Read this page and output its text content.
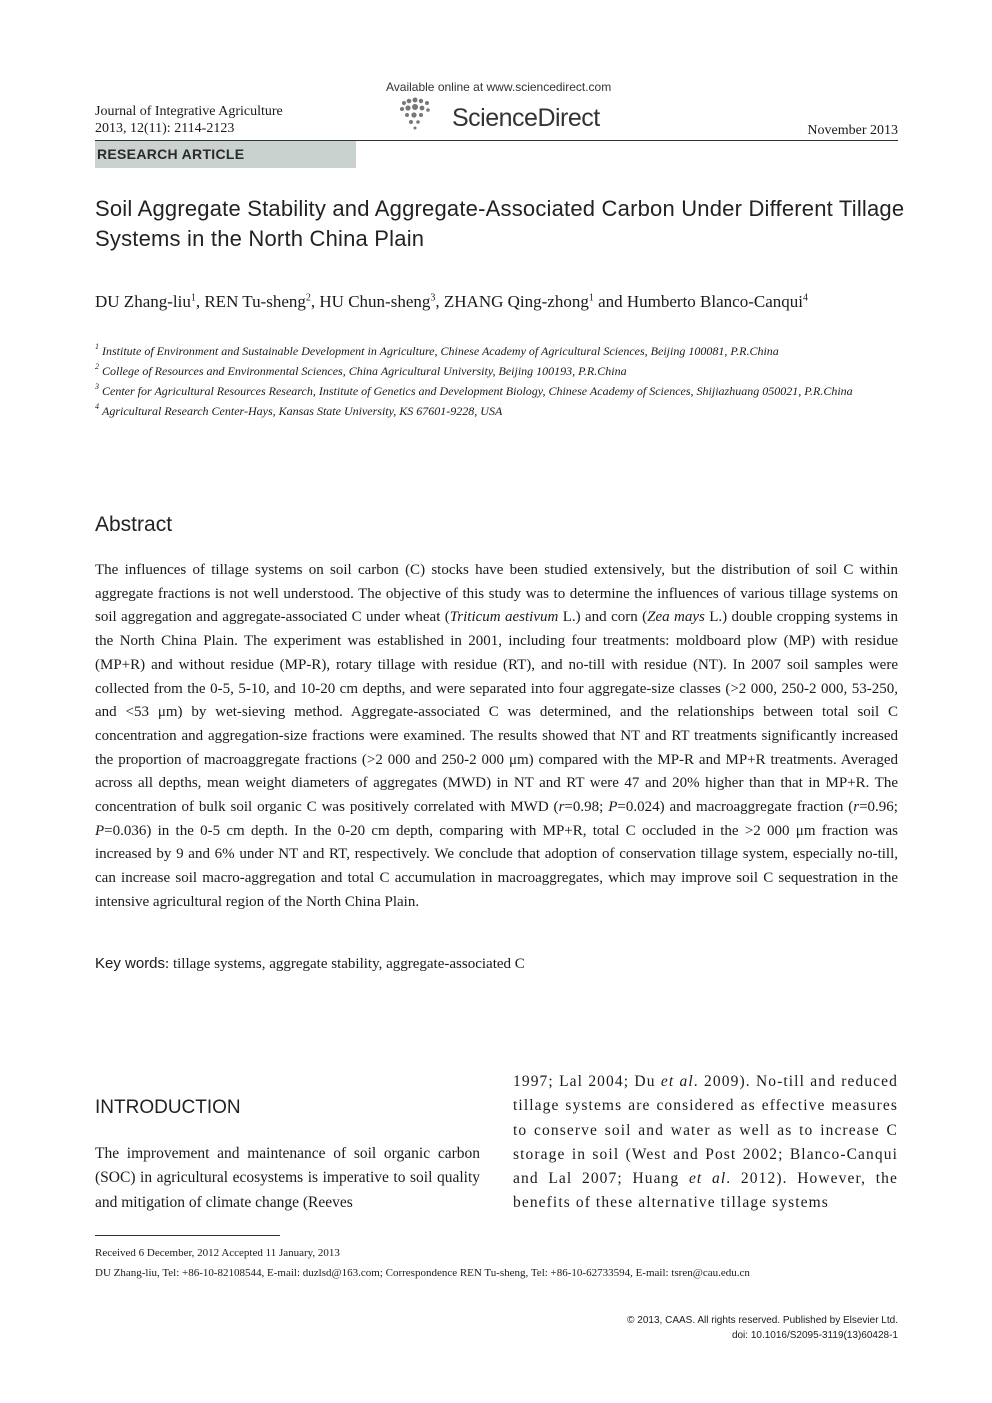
Journal of Integrative Agriculture
2013, 12(11): 2114-2123
Available online at www.sciencedirect.com
ScienceDirect	November 2013
RESEARCH ARTICLE
Soil Aggregate Stability and Aggregate-Associated Carbon Under Different Tillage Systems in the North China Plain
DU Zhang-liu$^1$, REN Tu-sheng$^2$, HU Chun-sheng$^3$, ZHANG Qing-zhong$^1$ and Humberto Blanco-Canqui$^4$
1 Institute of Environment and Sustainable Development in Agriculture, Chinese Academy of Agricultural Sciences, Beijing 100081, P.R.China
2 College of Resources and Environmental Sciences, China Agricultural University, Beijing 100193, P.R.China
3 Center for Agricultural Resources Research, Institute of Genetics and Development Biology, Chinese Academy of Sciences, Shijiazhuang 050021, P.R.China
4 Agricultural Research Center-Hays, Kansas State University, KS 67601-9228, USA
Abstract

The influences of tillage systems on soil carbon (C) stocks have been studied extensively, but the distribution of soil C within aggregate fractions is not well understood. The objective of this study was to determine the influences of various tillage systems on soil aggregation and aggregate-associated C under wheat (Triticum aestivum L.) and corn (Zea mays L.) double cropping systems in the North China Plain. The experiment was established in 2001, including four treatments: moldboard plow (MP) with residue (MP+R) and without residue (MP-R), rotary tillage with residue (RT), and no-till with residue (NT). In 2007 soil samples were collected from the 0-5, 5-10, and 10-20 cm depths, and were separated into four aggregate-size classes (>2 000, 250-2 000, 53-250, and <53 μm) by wet-sieving method. Aggregate-associated C was determined, and the relationships between total soil C concentration and aggregation-size fractions were examined. The results showed that NT and RT treatments significantly increased the proportion of macroaggregate fractions (>2 000 and 250-2 000 μm) compared with the MP-R and MP+R treatments. Averaged across all depths, mean weight diameters of aggregates (MWD) in NT and RT were 47 and 20% higher than that in MP+R. The concentration of bulk soil organic C was positively correlated with MWD (r=0.98; P=0.024) and macroaggregate fraction (r=0.96; P=0.036) in the 0-5 cm depth. In the 0-20 cm depth, comparing with MP+R, total C occluded in the >2 000 μm fraction was increased by 9 and 6% under NT and RT, respectively. We conclude that adoption of conservation tillage system, especially no-till, can increase soil macro-aggregation and total C accumulation in macroaggregates, which may improve soil C sequestration in the intensive agricultural region of the North China Plain.

Key words: tillage systems, aggregate stability, aggregate-associated C
INTRODUCTION

The improvement and maintenance of soil organic carbon (SOC) in agricultural ecosystems is imperative to soil quality and mitigation of climate change (Reeves

1997; Lal 2004; Du et al. 2009). No-till and reduced tillage systems are considered as effective measures to conserve soil and water as well as to increase C storage in soil (West and Post 2002; Blanco-Canqui and Lal 2007; Huang et al. 2012). However, the benefits of these alternative tillage systems

Received 6 December, 2012 Accepted 11 January, 2013
DU Zhang-liu, Tel: +86-10-82108544, E-mail: duzlsd@163.com; Correspondence REN Tu-sheng, Tel: +86-10-62733594, E-mail: tsren@cau.edu.cn
© 2013, CAAS. All rights reserved. Published by Elsevier Ltd.
doi: 10.1016/S2095-3119(13)60428-1
